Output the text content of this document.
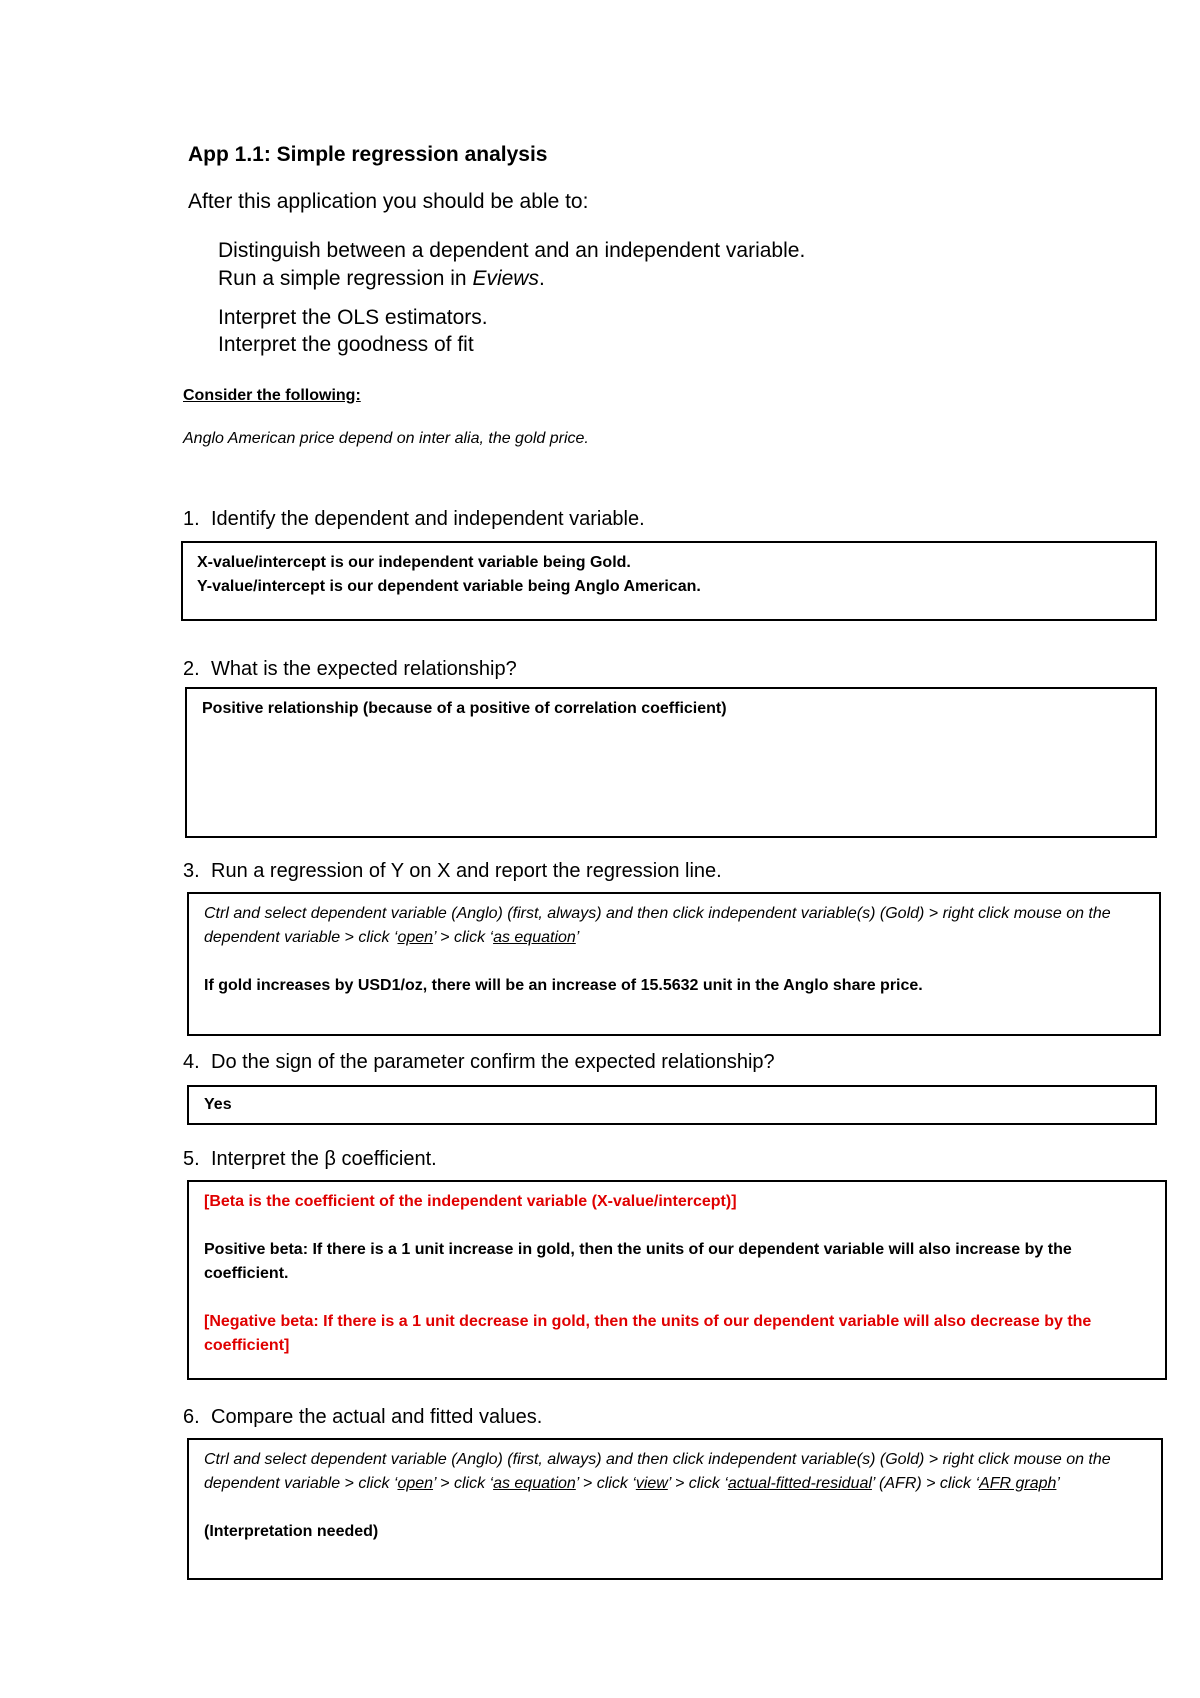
App 1.1: Simple regression analysis
After this application you should be able to:
Distinguish between a dependent and an independent variable.
Run a simple regression in Eviews.
Interpret the OLS estimators.
Interpret the goodness of fit
Consider the following:
Anglo American price depend on inter alia, the gold price.
1. Identify the dependent and independent variable.

X-value/intercept is our independent variable being Gold.

Y-value/intercept is our dependent variable being Anglo American.

2. What is the expected relationship?

Positive relationship (because of a positive of correlation coefficient)

3. Run a regression of Y on X and report the regression line.

Ctrl and select dependent variable (Anglo) (first, always) and then click independent variable(s) (Gold) > right click mouse on the dependent variable > click ‘open’ > click ‘as equation’

If gold increases by USD1/oz, there will be an increase of 15.5632 unit in the Anglo share price.

4. Do the sign of the parameter confirm the expected relationship?

Yes

5. Interpret the β coefficient.

[Beta is the coefficient of the independent variable (X-value/intercept)]

Positive beta: If there is a 1 unit increase in gold, then the units of our dependent variable will also increase by the coefficient.

[Negative beta: If there is a 1 unit decrease in gold, then the units of our dependent variable will also decrease by the coefficient]

6. Compare the actual and fitted values.

Ctrl and select dependent variable (Anglo) (first, always) and then click independent variable(s) (Gold) > right click mouse on the dependent variable > click ‘open’ > click ‘as equation’ > click ‘view’ > click ‘actual-fitted-residual’ (AFR) > click ‘AFR graph’

(Interpretation needed)
